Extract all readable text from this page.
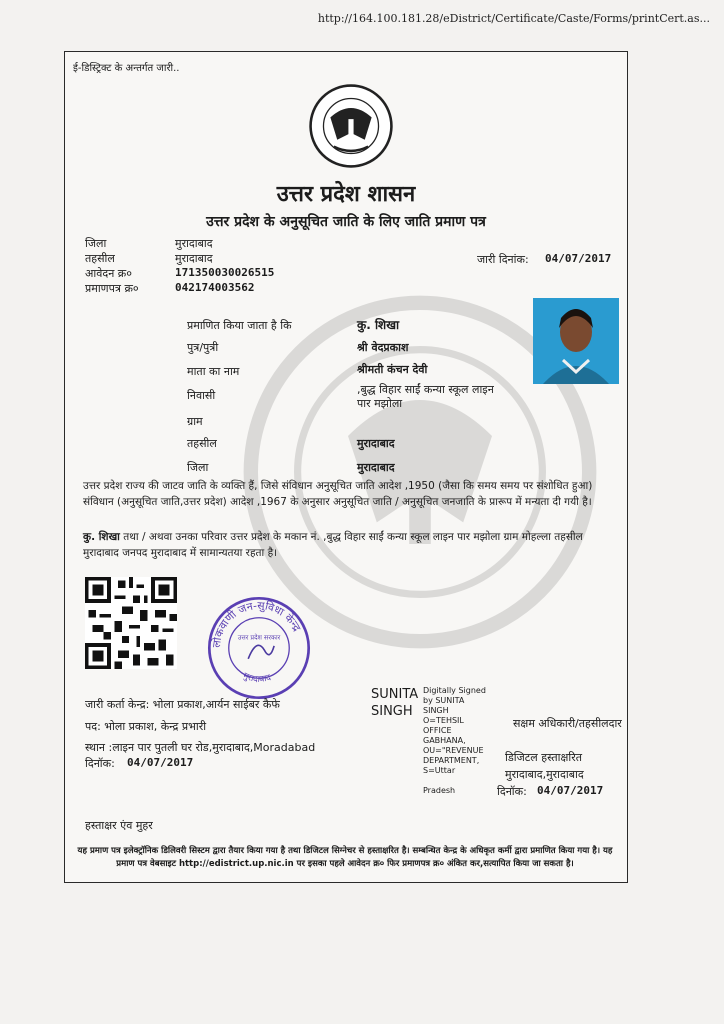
http://164.100.181.28/eDistrict/Certificate/Caste/Forms/printCert.as...
ई-डिस्ट्रिक्ट के अन्तर्गत जारी..
उत्तर प्रदेश शासन
उत्तर प्रदेश के अनुसूचित जाति के लिए जाति प्रमाण पत्र
जिला	मुरादाबाद
तहसील	मुरादाबाद
आवेदन क्र०	171350030026515
प्रमाणपत्र क्र०	042174003562
जारी दिनांक: 04/07/2017
प्रमाणित किया जाता है कि	कु. शिखा
पुत्र/पुत्री	श्री वेदप्रकाश
माता का नाम	श्रीमती कंचन देवी
निवासी	,बुद्ध विहार साईं कन्या स्कूल लाइन
पार मझोला
ग्राम
तहसील	मुरादाबाद
जिला	मुरादाबाद
उत्तर प्रदेश राज्य की जाटव जाति के व्यक्ति हैं, जिसे संविधान अनुसूचित जाति आदेश ,1950 (जैसा कि समय समय पर संशोधित हुआ) संविधान (अनुसूचित जाति,उत्तर प्रदेश) आदेश ,1967 के अनुसार अनुसूचित जाति / अनुसूचित जनजाति के प्रारूप में मन्यता दी गयी है।
कु. शिखा तथा / अथवा उनका परिवार उत्तर प्रदेश के मकान नं. ,बुद्ध विहार साईं कन्या स्कूल लाइन पार मझोला ग्राम मोहल्ला तहसील मुरादाबाद जनपद मुरादाबाद में सामान्यतया रहता है।
लोकवाणी जन-सुविधा केन्द्र
उत्तर प्रदेश सरकार
मुरादाबाद
जारी कर्ता केन्द्र: भोला प्रकाश,आर्यन साईबर कैफे
पद: भोला प्रकाश, केन्द्र प्रभारी
स्थान :लाइन पार पुतली घर रोड,मुरादाबाद,Moradabad
दिनॉक: 04/07/2017
SUNITA
SINGH
Digitally Signed
by SUNITA
SINGH
O=TEHSIL
OFFICE
GABHANA,
OU="REVENUE
DEPARTMENT,
S=Uttar
Pradesh
सक्षम अधिकारी/तहसीलदार
डिजिटल हस्ताक्षरित
मुरादाबाद,मुरादाबाद
दिनॉक: 04/07/2017
हस्ताक्षर एंव मुहर
यह प्रमाण पत्र इलेक्ट्रॉनिक डिलिवरी सिस्टम द्वारा तैयार किया गया है तथा डिजिटल सिग्नेचर से हस्ताक्षरित है। सम्बन्धित केन्द्र के अधिकृत कर्मी द्वारा प्रमाणित किया गया है। यह प्रमाण पत्र वेबसाइट http://edistrict.up.nic.in पर इसका पहले आवेदन क्र० फिर प्रमाणपत्र क्र० अंकित कर,सत्यापित किया जा सकता है।
